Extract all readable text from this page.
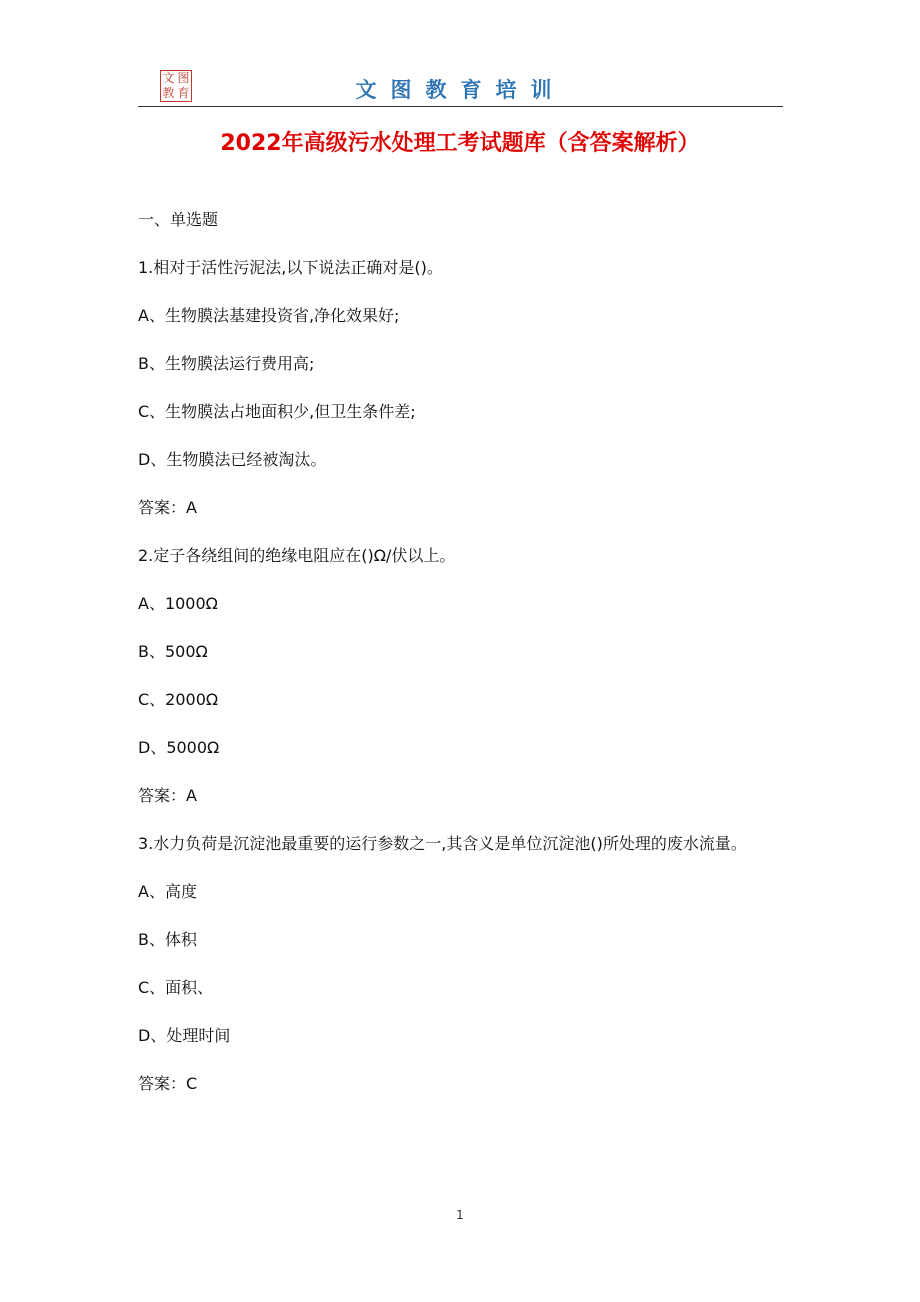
文 图
教 育	文图教育培训
2022年高级污水处理工考试题库（含答案解析）

一、单选题

1.相对于活性污泥法,以下说法正确对是()。

A、生物膜法基建投资省,净化效果好;

B、生物膜法运行费用高;

C、生物膜法占地面积少,但卫生条件差;

D、生物膜法已经被淘汰。

答案：A

2.定子各绕组间的绝缘电阻应在()Ω/伏以上。

A、1000Ω

B、500Ω

C、2000Ω

D、5000Ω

答案：A

3.水力负荷是沉淀池最重要的运行参数之一,其含义是单位沉淀池()所处理的废水流量。

A、高度

B、体积

C、面积、

D、处理时间

答案：C

1
